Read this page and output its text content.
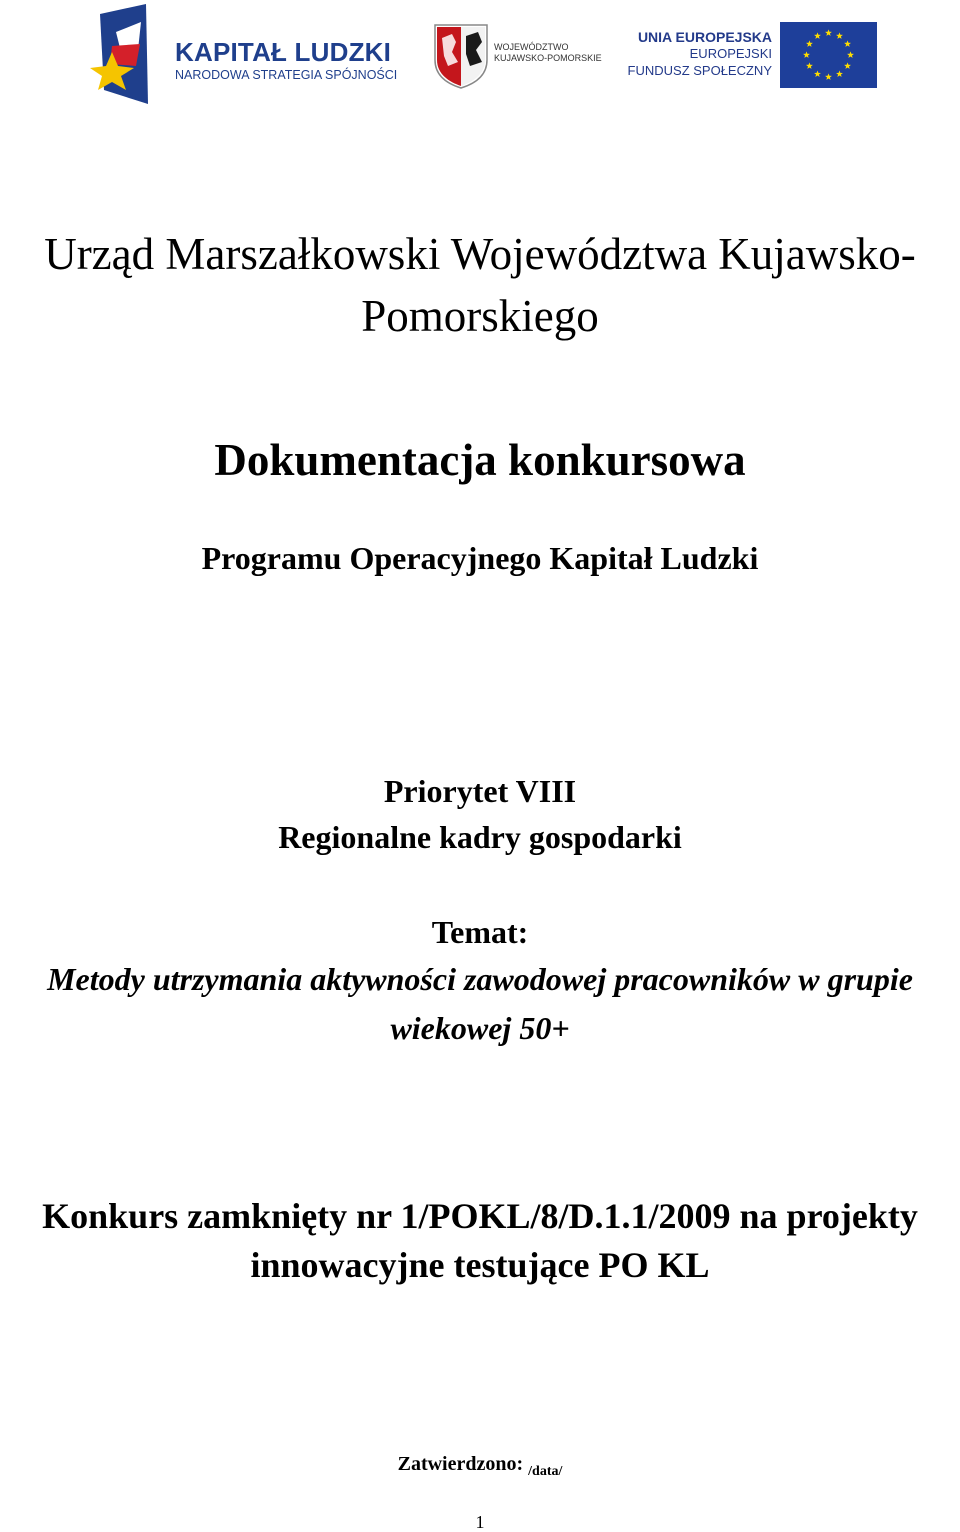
KAPITAŁ LUDZKI
NARODOWA STRATEGIA SPÓJNOŚCI
WOJEWÓDZTWO
KUJAWSKO-POMORSKIE
UNIA EUROPEJSKA
EUROPEJSKI
FUNDUSZ SPOŁECZNY
Urząd Marszałkowski Województwa Kujawsko-Pomorskiego
Dokumentacja konkursowa
Programu Operacyjnego Kapitał Ludzki
Priorytet VIII
Regionalne kadry gospodarki
Temat:
Metody utrzymania aktywności zawodowej pracowników w grupie wiekowej 50+
Konkurs zamknięty nr 1/POKL/8/D.1.1/2009 na projekty innowacyjne testujące PO KL
Zatwierdzono: $_{/data/}$
1
